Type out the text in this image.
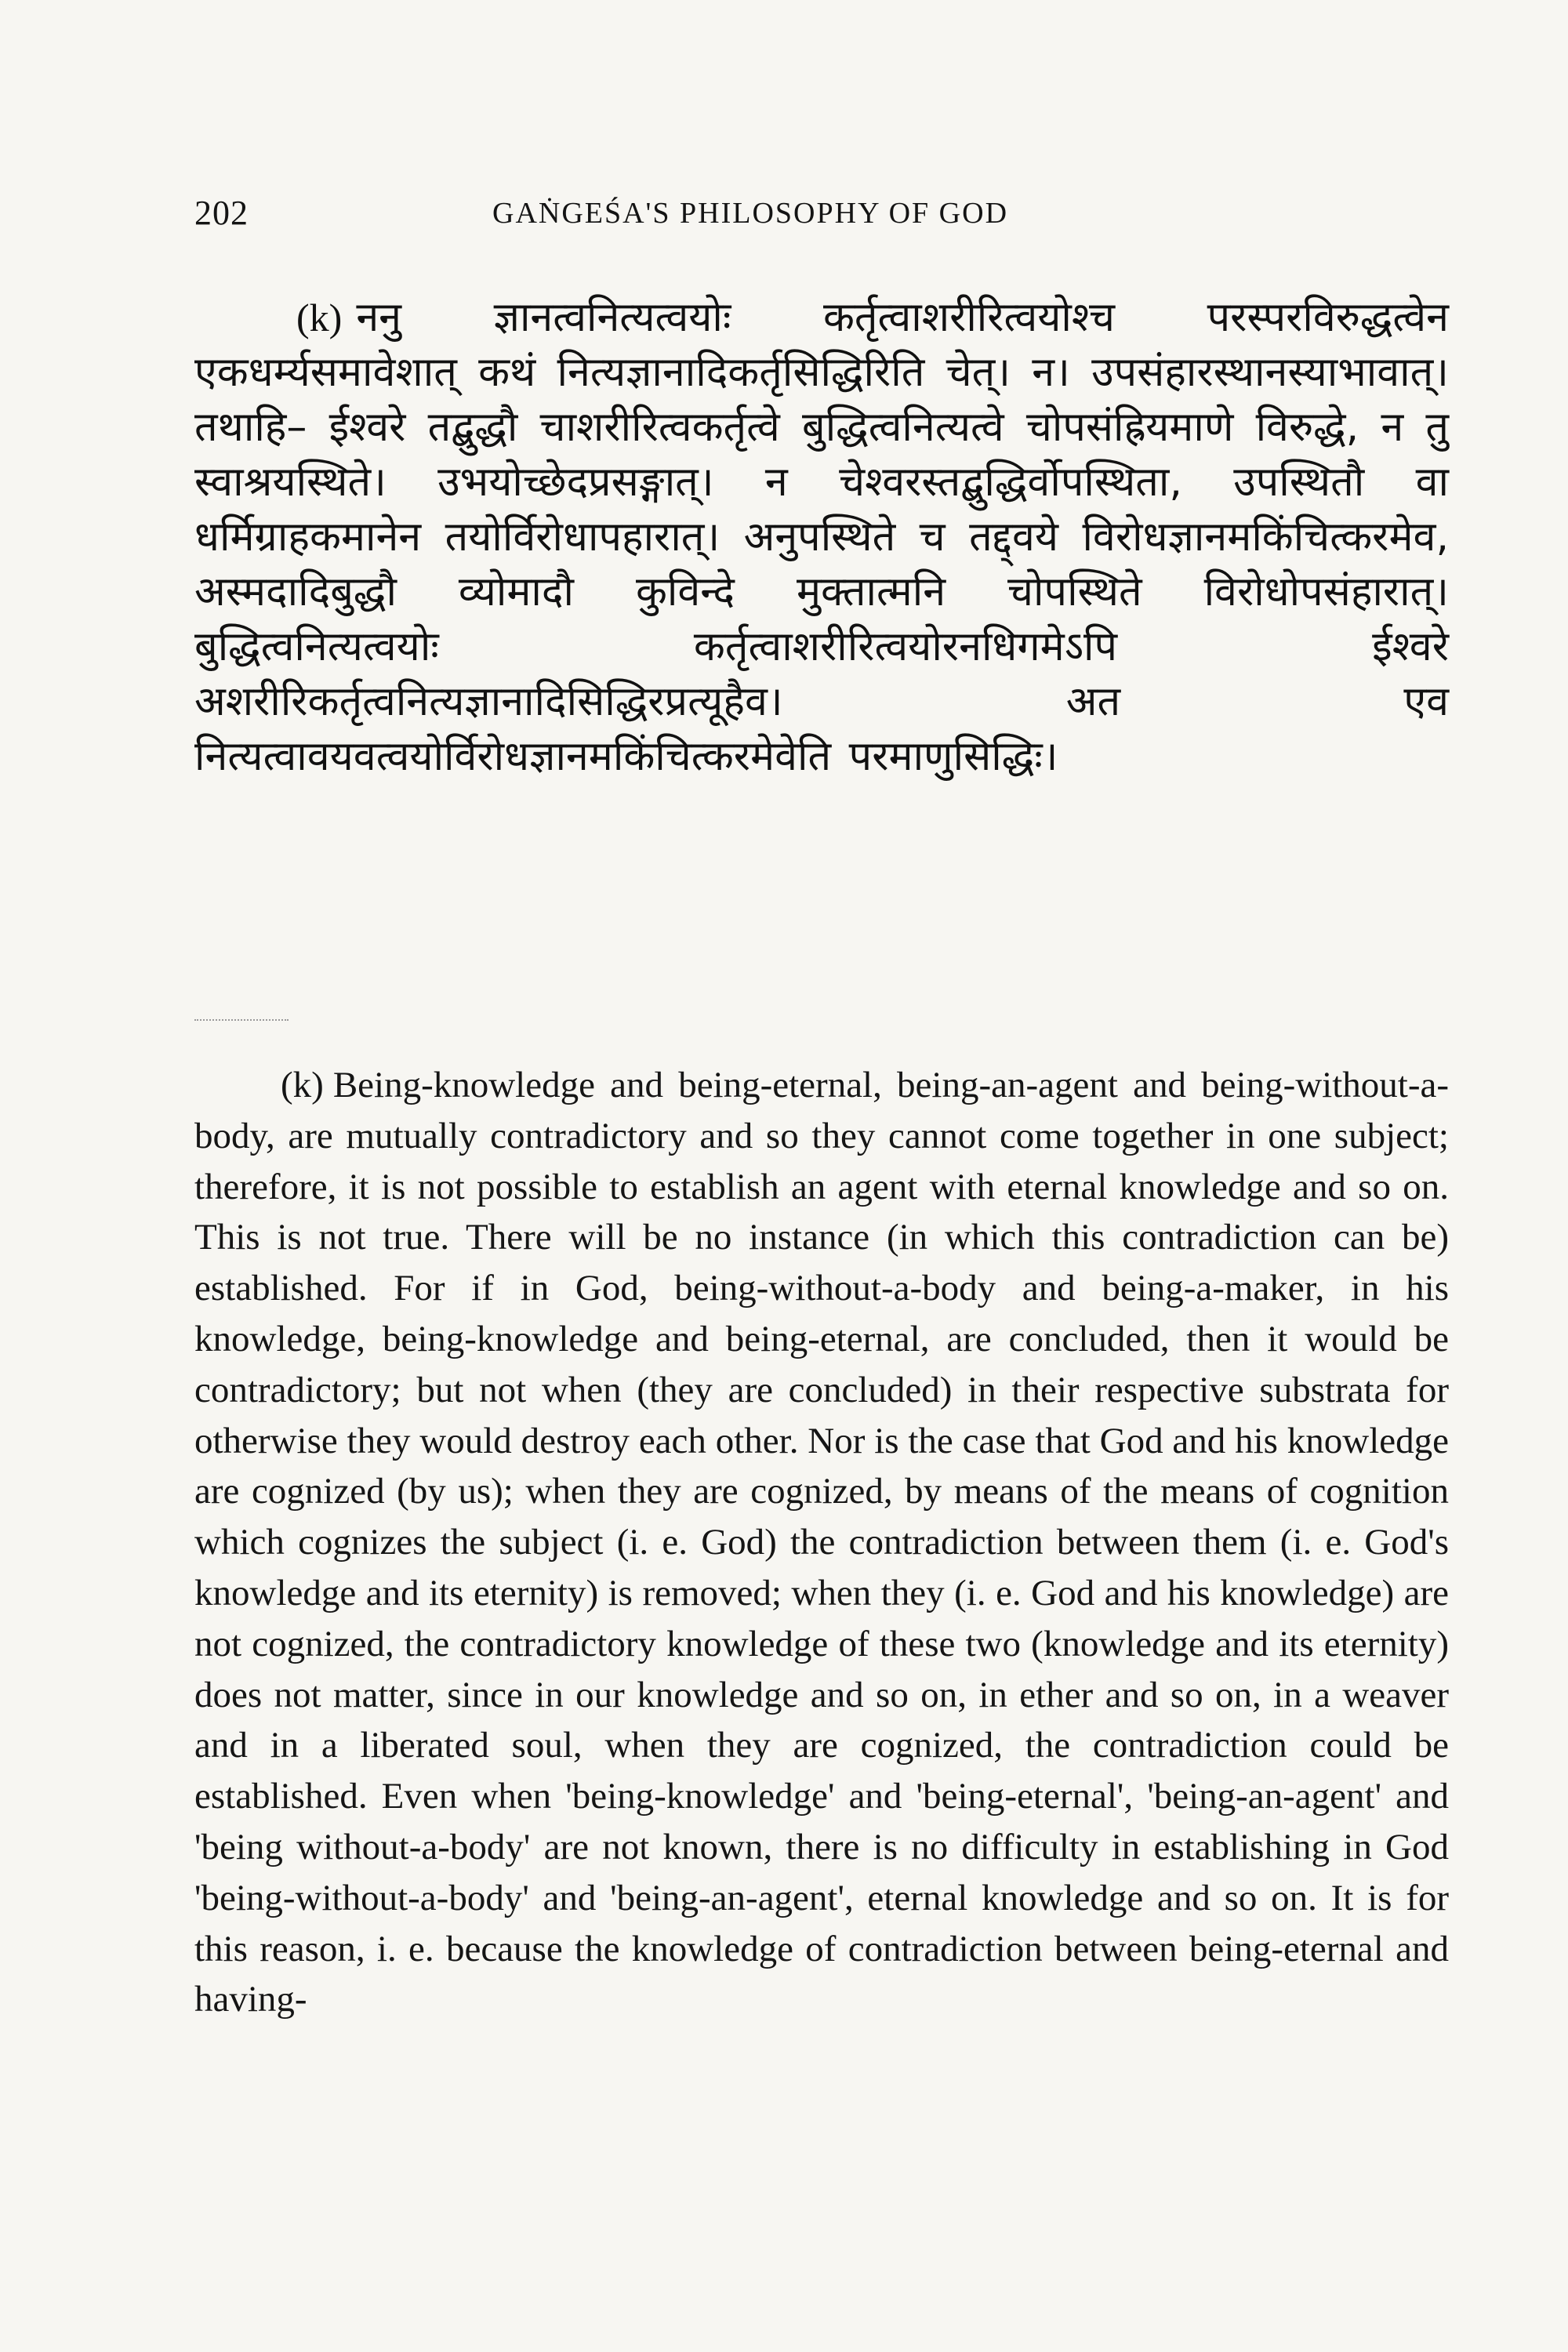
202	GAṄGEŚA'S PHILOSOPHY OF GOD

(k) ननु ज्ञानत्वनित्यत्वयोः कर्तृत्वाशरीरित्वयोश्च परस्परविरुद्धत्वेन एकधर्म्यसमावेशात् कथं नित्यज्ञानादिकर्तृसिद्धिरिति चेत्। न। उपसंहारस्थानस्याभावात्। तथाहि– ईश्वरे तद्बुद्धौ चाशरीरित्वकर्तृत्वे बुद्धित्वनित्यत्वे चोपसंह्रियमाणे विरुद्धे, न तु स्वाश्रयस्थिते। उभयोच्छेदप्रसङ्गात्। न चेश्वरस्तद्बुद्धिर्वोपस्थिता, उपस्थितौ वा धर्मिग्राहकमानेन तयोर्विरोधापहारात्। अनुपस्थिते च तद्द्वये विरोधज्ञानमकिंचित्करमेव, अस्मदादिबुद्धौ व्योमादौ कुविन्दे मुक्तात्मनि चोपस्थिते विरोधोपसंहारात्। बुद्धित्वनित्यत्वयोः कर्तृत्वाशरीरित्वयोरनधिगमेऽपि ईश्वरे अशरीरिकर्तृत्वनित्यज्ञानादिसिद्धिरप्रत्यूहैव। अत एव नित्यत्वावयवत्वयोर्विरोधज्ञानमकिंचित्करमेवेति परमाणुसिद्धिः।

(k) Being-knowledge and being-eternal, being-an-agent and being-without-a-body, are mutually contradictory and so they cannot come together in one subject; therefore, it is not possible to establish an agent with eternal knowledge and so on. This is not true. There will be no instance (in which this contradiction can be) established. For if in God, being-without-a-body and being-a-maker, in his knowledge, being-knowledge and being-eternal, are concluded, then it would be contradictory; but not when (they are concluded) in their respective substrata for otherwise they would destroy each other. Nor is the case that God and his knowledge are cognized (by us); when they are cognized, by means of the means of cognition which cognizes the subject (i. e. God) the contradiction between them (i. e. God's knowledge and its eternity) is removed; when they (i. e. God and his knowledge) are not cognized, the contradictory knowledge of these two (knowledge and its eternity) does not matter, since in our knowledge and so on, in ether and so on, in a weaver and in a liberated soul, when they are cognized, the contradiction could be established. Even when 'being-knowledge' and 'being-eternal', 'being-an-agent' and 'being without-a-body' are not known, there is no difficulty in establishing in God 'being-without-a-body' and 'being-an-agent', eternal knowledge and so on. It is for this reason, i. e. because the knowledge of contradiction between being-eternal and having-
